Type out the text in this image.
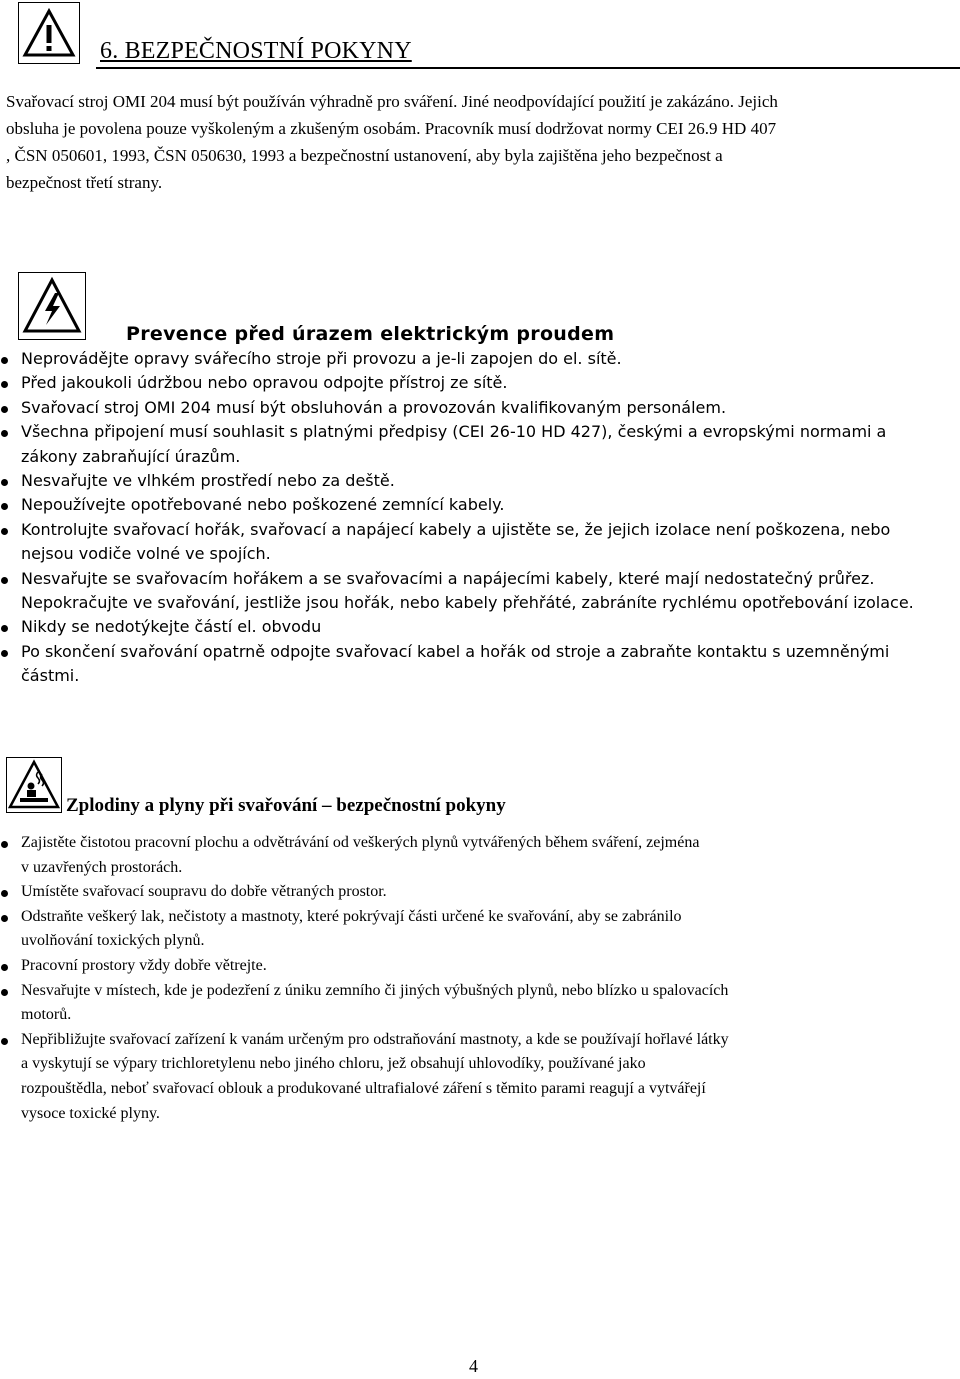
6. BEZPEČNOSTNÍ POKYNY

Svařovací stroj OMI 204 musí být používán výhradně pro sváření. Jiné neodpovídající použití je zakázáno. Jejich

obsluha je povolena pouze vyškoleným a zkušeným osobám. Pracovník musí dodržovat normy CEI 26.9 HD 407

, ČSN 050601, 1993, ČSN 050630, 1993 a bezpečnostní ustanovení, aby byla zajištěna jeho bezpečnost a

bezpečnost třetí strany.

Prevence před úrazem elektrickým proudem
Neprovádějte opravy svářecího stroje při provozu a je-li zapojen do el. sítě.
Před jakoukoli údržbou nebo opravou odpojte přístroj ze sítě.
Svařovací stroj OMI 204 musí být obsluhován a provozován kvalifikovaným personálem.
Všechna připojení musí souhlasit s platnými předpisy (CEI 26-10 HD 427), českými a evropskými normami a
zákony zabraňující úrazům.
Nesvařujte ve vlhkém prostředí nebo za deště.
Nepoužívejte opotřebované nebo poškozené zemnící kabely.
Kontrolujte svařovací hořák, svařovací a napájecí kabely a ujistěte se, že jejich izolace není poškozena, nebo
nejsou vodiče volné ve spojích.
Nesvařujte se svařovacím hořákem a se svařovacími a napájecími kabely, které mají nedostatečný průřez.
Nepokračujte ve svařování, jestliže jsou hořák, nebo kabely přehřáté, zabráníte rychlému opotřebování izolace.
Nikdy se nedotýkejte částí el. obvodu
Po skončení svařování opatrně odpojte svařovací kabel a hořák od stroje a zabraňte kontaktu s uzemněnými
částmi.
Zplodiny a plyny při svařování – bezpečnostní pokyny
Zajistěte čistotou pracovní plochu a odvětrávání od veškerých plynů vytvářených během sváření, zejména
v uzavřených prostorách.
Umístěte svařovací soupravu do dobře větraných prostor.
Odstraňte veškerý lak, nečistoty a mastnoty, které pokrývají části určené ke svařování, aby se zabránilo
uvolňování toxických plynů.
Pracovní prostory vždy dobře větrejte.
Nesvařujte v místech, kde je podezření z úniku zemního či jiných výbušných plynů, nebo blízko u spalovacích
motorů.
Nepřibližujte svařovací zařízení k vanám určeným pro odstraňování mastnoty, a kde se používají hořlavé látky
a vyskytují se výpary trichloretylenu nebo jiného chloru, jež obsahují uhlovodíky, používané jako
rozpouštědla, neboť svařovací oblouk a produkované ultrafialové záření s těmito parami reagují a vytvářejí
vysoce toxické plyny.
4
